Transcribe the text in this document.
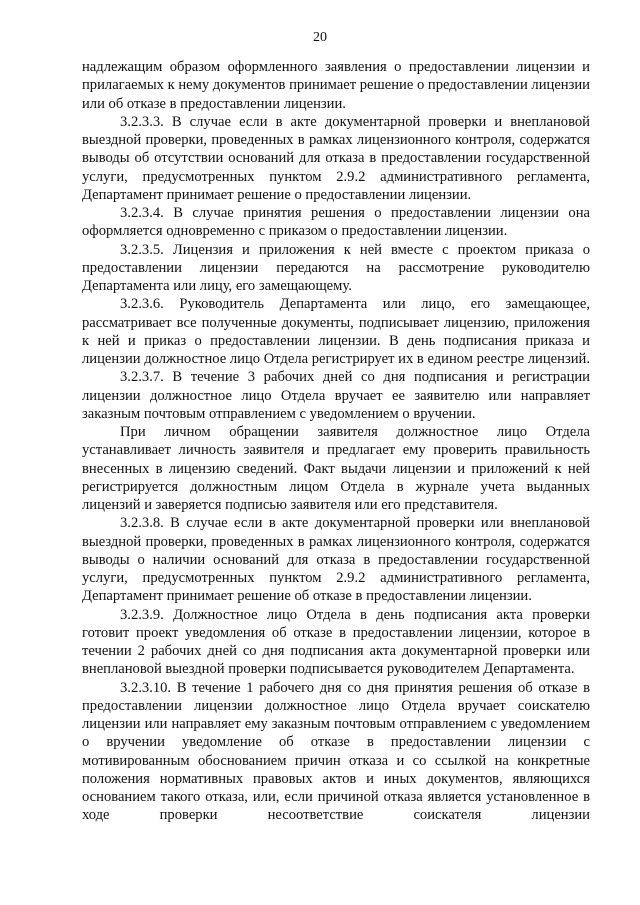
20

надлежащим образом оформленного заявления о предоставлении лицензии и прилагаемых к нему документов принимает решение о предоставлении лицензии или об отказе в предоставлении лицензии.

3.2.3.3. В случае если в акте документарной проверки и внеплановой выездной проверки, проведенных в рамках лицензионного контроля, содержатся выводы об отсутствии оснований для отказа в предоставлении государственной услуги, предусмотренных пунктом 2.9.2 административного регламента, Департамент принимает решение о предоставлении лицензии.

3.2.3.4. В случае принятия решения о предоставлении лицензии она оформляется одновременно с приказом о предоставлении лицензии.

3.2.3.5. Лицензия и приложения к ней вместе с проектом приказа о предоставлении лицензии передаются на рассмотрение руководителю Департамента или лицу, его замещающему.

3.2.3.6. Руководитель Департамента или лицо, его замещающее, рассматривает все полученные документы, подписывает лицензию, приложения к ней и приказ о предоставлении лицензии. В день подписания приказа и лицензии должностное лицо Отдела регистрирует их в едином реестре лицензий.

3.2.3.7. В течение 3 рабочих дней со дня подписания и регистрации лицензии должностное лицо Отдела вручает ее заявителю или направляет заказным почтовым отправлением с уведомлением о вручении.

При личном обращении заявителя должностное лицо Отдела устанавливает личность заявителя и предлагает ему проверить правильность внесенных в лицензию сведений. Факт выдачи лицензии и приложений к ней регистрируется должностным лицом Отдела в журнале учета выданных лицензий и заверяется подписью заявителя или его представителя.

3.2.3.8. В случае если в акте документарной проверки или внеплановой выездной проверки, проведенных в рамках лицензионного контроля, содержатся выводы о наличии оснований для отказа в предоставлении государственной услуги, предусмотренных пунктом 2.9.2 административного регламента, Департамент принимает решение об отказе в предоставлении лицензии.

3.2.3.9. Должностное лицо Отдела в день подписания акта проверки готовит проект уведомления об отказе в предоставлении лицензии, которое в течении 2 рабочих дней со дня подписания акта документарной проверки или внеплановой выездной проверки подписывается руководителем Департамента.

3.2.3.10. В течение 1 рабочего дня со дня принятия решения об отказе в предоставлении лицензии должностное лицо Отдела вручает соискателю лицензии или направляет ему заказным почтовым отправлением с уведомлением о вручении уведомление об отказе в предоставлении лицензии с мотивированным обоснованием причин отказа и со ссылкой на конкретные положения нормативных правовых актов и иных документов, являющихся основанием такого отказа, или, если причиной отказа является установленное в ходе проверки несоответствие соискателя лицензии
